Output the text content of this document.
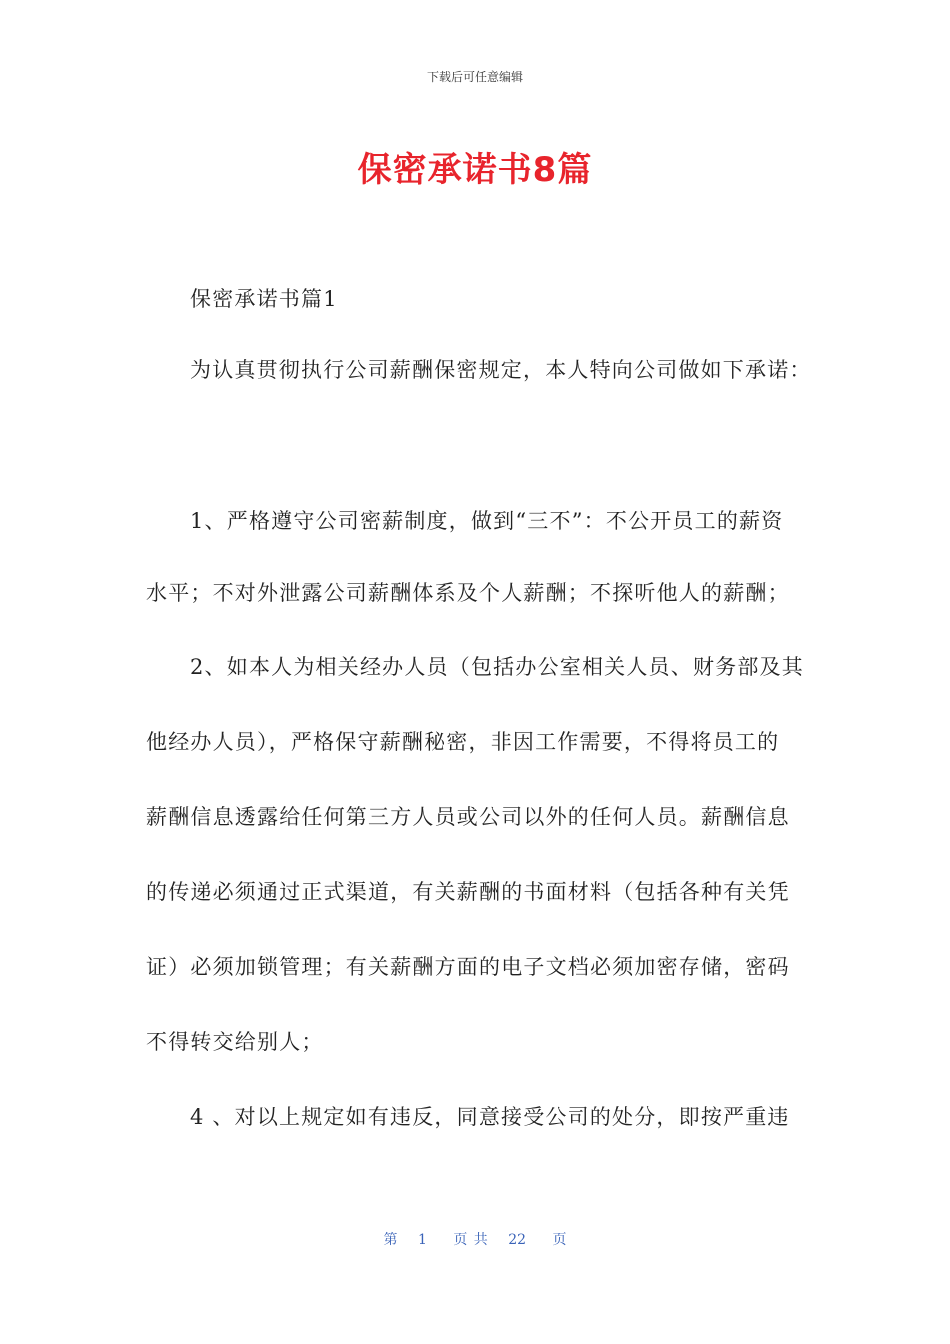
下载后可任意编辑
保密承诺书8篇
保密承诺书篇1
为认真贯彻执行公司薪酬保密规定，本人特向公司做如下承诺：
1、严格遵守公司密薪制度，做到“三不”：不公开员工的薪资
水平；不对外泄露公司薪酬体系及个人薪酬；不探听他人的薪酬；
2、如本人为相关经办人员（包括办公室相关人员、财务部及其
他经办人员），严格保守薪酬秘密，非因工作需要，不得将员工的
薪酬信息透露给任何第三方人员或公司以外的任何人员。薪酬信息
的传递必须通过正式渠道，有关薪酬的书面材料（包括各种有关凭
证）必须加锁管理；有关薪酬方面的电子文档必须加密存储，密码
不得转交给别人；
4 、对以上规定如有违反，同意接受公司的处分，即按严重违
第 1 页 共 22 页
